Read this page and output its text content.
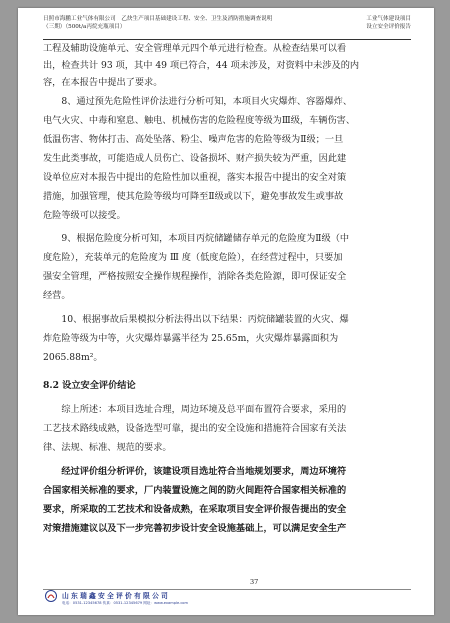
日照市海鹏工业气体有限公司　乙炔生产项目基础建设工程、安全、卫生及消防措施调查说明
（三期）（500t/a丙烷充瓶项目）

工业气体建设项目
设立安全评价报告

工程及辅助设施单元、安全管理单元四个单元进行检查。从检查结果可以看

出，检查共计 93 项，其中 49 项已符合，44 项未涉及，对资料中未涉及的内

容，在本报告中提出了要求。

　　8、通过预先危险性评价法进行分析可知，本项目火灾爆炸、容器爆炸、

电气火灾、中毒和窒息、触电、机械伤害的危险程度等级为Ⅲ级，车辆伤害、

低温伤害、物体打击、高处坠落、粉尘、噪声危害的危险等级为Ⅱ级；一旦

发生此类事故，可能造成人员伤亡、设备损坏、财产损失较为严重，因此建

设单位应对本报告中提出的危险性加以重视，落实本报告中提出的安全对策

措施，加强管理，使其危险等级均可降至Ⅱ级或以下，避免事故发生或事故

危险等级可以接受。

　　9、根据危险度分析可知，本项目丙烷储罐储存单元的危险度为Ⅱ级（中

度危险），充装单元的危险度为 Ⅲ 度（低度危险），在经营过程中，只要加

强安全管理，严格按照安全操作规程操作，消除各类危险源，即可保证安全

经营。

　　10、根据事故后果模拟分析法得出以下结果：丙烷储罐装置的火灾、爆

炸危险等级为中等，火灾爆炸暴露半径为 25.65m，火灾爆炸暴露面积为

2065.88m²。

8.2 设立安全评价结论

　　综上所述：本项目选址合理，周边环境及总平面布置符合要求，采用的

工艺技术路线成熟，设备选型可靠，提出的安全设施和措施符合国家有关法

律、法规、标准、规范的要求。

　　经过评价组分析评价，该建设项目选址符合当地规划要求，周边环境符

合国家相关标准的要求，厂内装置设施之间的防火间距符合国家相关标准的

要求，所采取的工艺技术和设备成熟，在采取项目安全评价报告提出的安全

对策措施建议以及下一步完善初步设计安全设施基础上，可以满足安全生产

37
山东瑞鑫安全评价有限公司
电话：0531-12345678 传真：0531-12345679 网址：www.example.com
